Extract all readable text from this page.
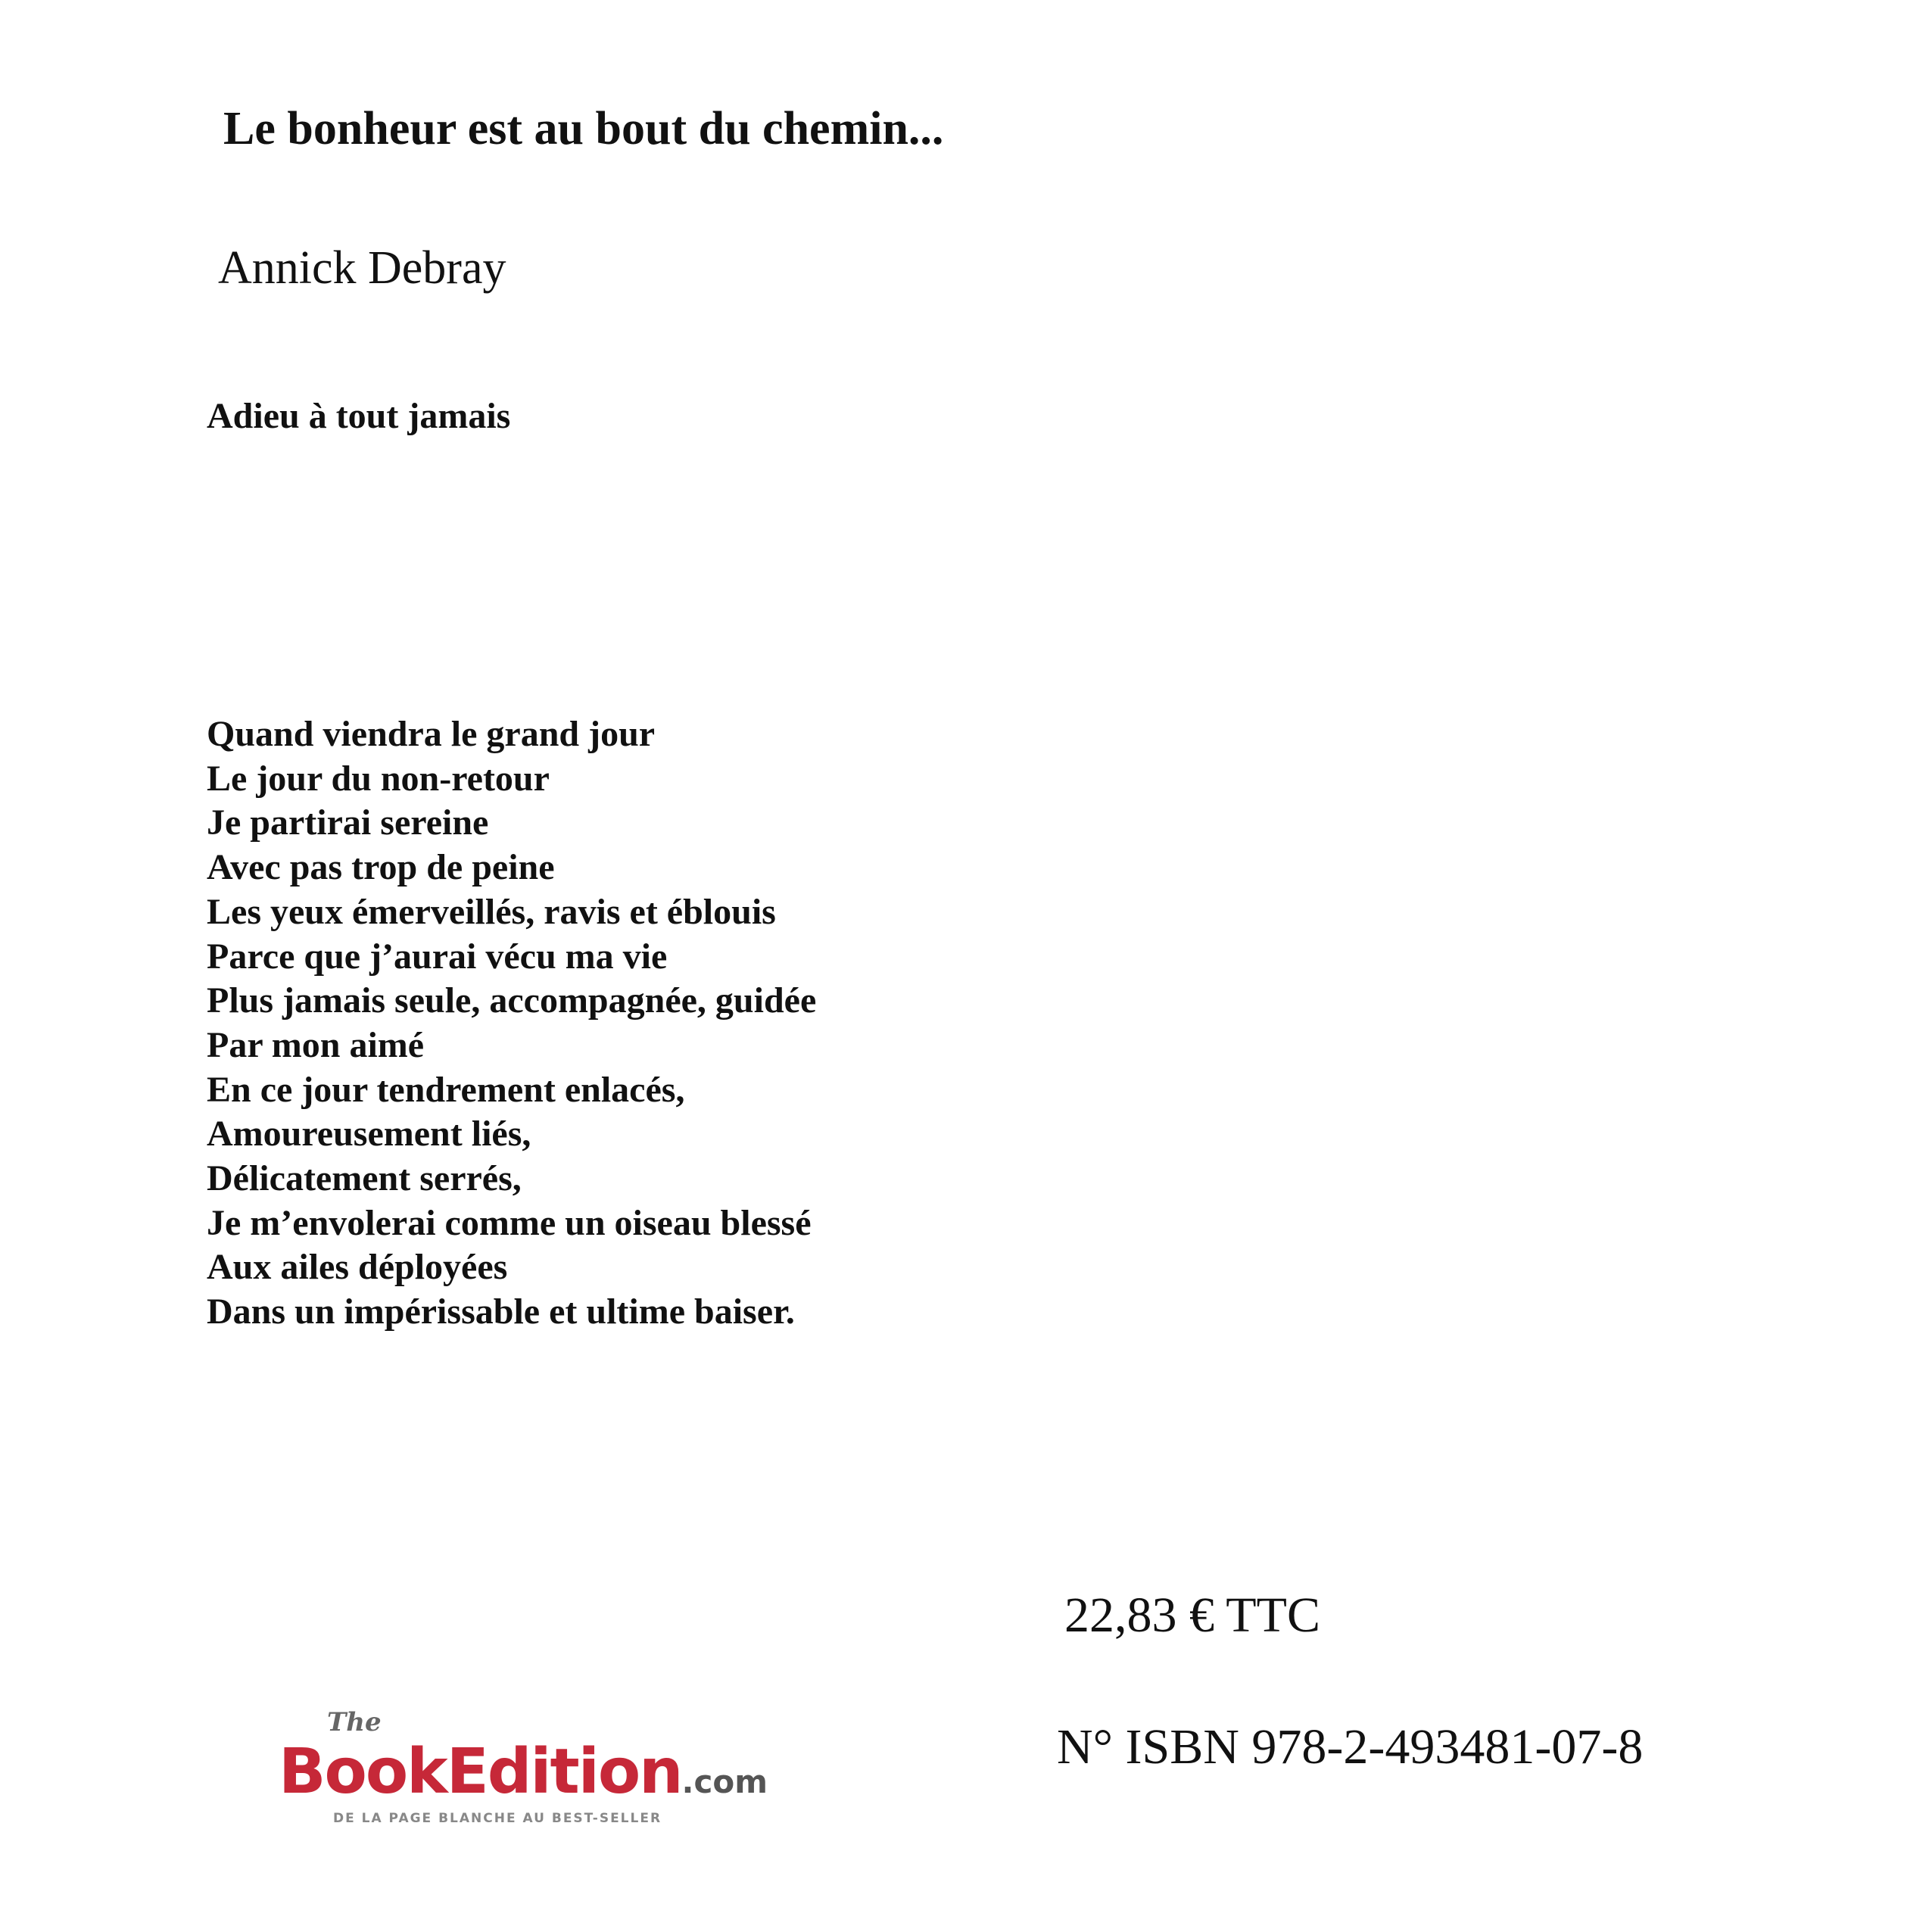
Le bonheur est au bout du chemin...
Annick Debray
Adieu à tout jamais
Quand viendra le grand jour
Le jour du non-retour
Je partirai sereine
Avec pas trop de peine
Les yeux émerveillés, ravis et éblouis
Parce que j’aurai vécu ma vie
Plus jamais seule, accompagnée, guidée
Par mon aimé
En ce jour tendrement enlacés,
Amoureusement liés,
Délicatement serrés,
Je m’envolerai comme un oiseau blessé
Aux ailes déployées
Dans un impérissable et ultime baiser.
22,83 € TTC
N° ISBN 978-2-493481-07-8
The
BookEdition.com
DE LA PAGE BLANCHE AU BEST-SELLER
